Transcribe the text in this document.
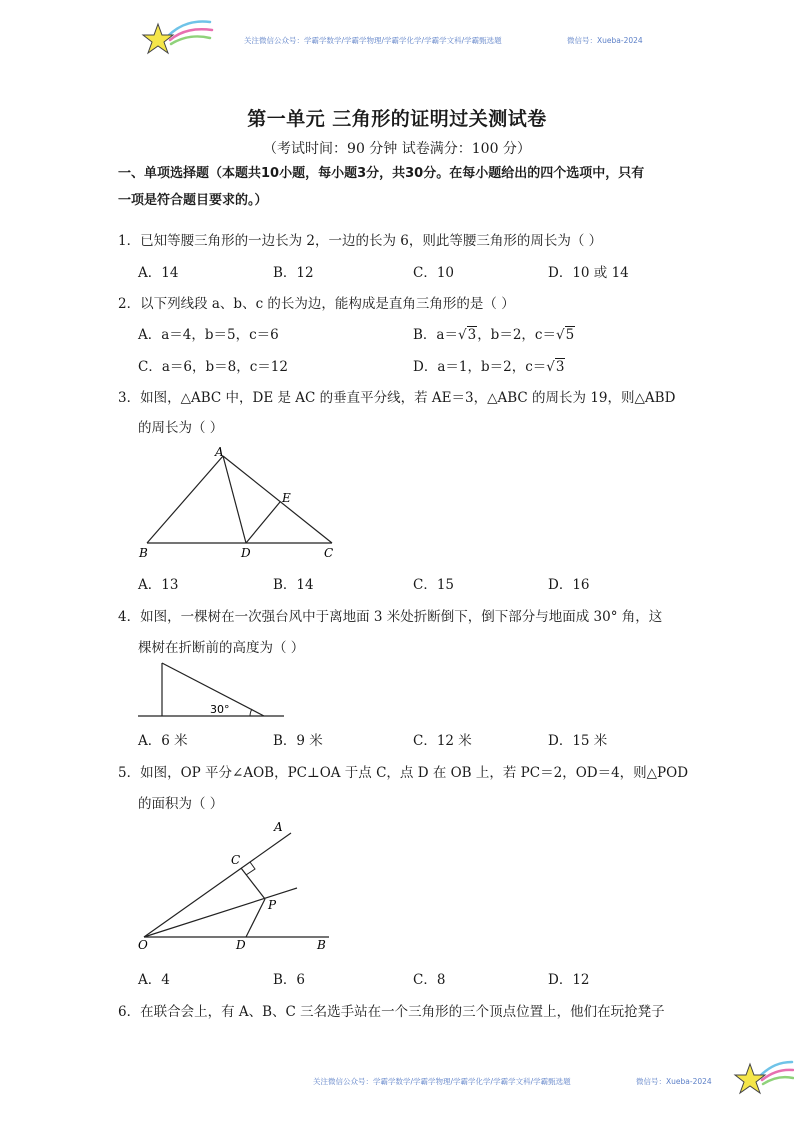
关注微信公众号：学霸学数学/学霸学物理/学霸学化学/学霸学文科/学霸甄选题	微信号：Xueba-2024
第一单元 三角形的证明过关测试卷
（考试时间：90 分钟 试卷满分：100 分）
一、单项选择题（本题共10小题，每小题3分，共30分。在每小题给出的四个选项中，只有
一项是符合题目要求的。）
1．已知等腰三角形的一边长为 2，一边的长为 6，则此等腰三角形的周长为（ ）
A．14	B．12	C．10	D．10 或 14
2．以下列线段 a、b、c 的长为边，能构成是直角三角形的是（ ）
A．a＝4，b＝5，c＝6	B．a＝√3，b＝2，c＝√5
C．a＝6，b＝8，c＝12	D．a＝1，b＝2，c＝√3
3．如图，△ABC 中，DE 是 AC 的垂直平分线，若 AE＝3，△ABC 的周长为 19，则△ABD
的周长为（ ）
A
E
B	D	C
A．13	B．14	C．15	D．16
4．如图，一棵树在一次强台风中于离地面 3 米处折断倒下，倒下部分与地面成 30° 角，这
棵树在折断前的高度为（ ）
30°
A．6 米	B．9 米	C．12 米	D．15 米
5．如图，OP 平分∠AOB，PC⊥OA 于点 C，点 D 在 OB 上，若 PC＝2，OD＝4，则△POD
的面积为（ ）
A
C
P
O	D	B
A．4	B．6	C．8	D．12
6．在联合会上，有 A、B、C 三名选手站在一个三角形的三个顶点位置上，他们在玩抢凳子
关注微信公众号：学霸学数学/学霸学物理/学霸学化学/学霸学文科/学霸甄选题	微信号：Xueba-2024
